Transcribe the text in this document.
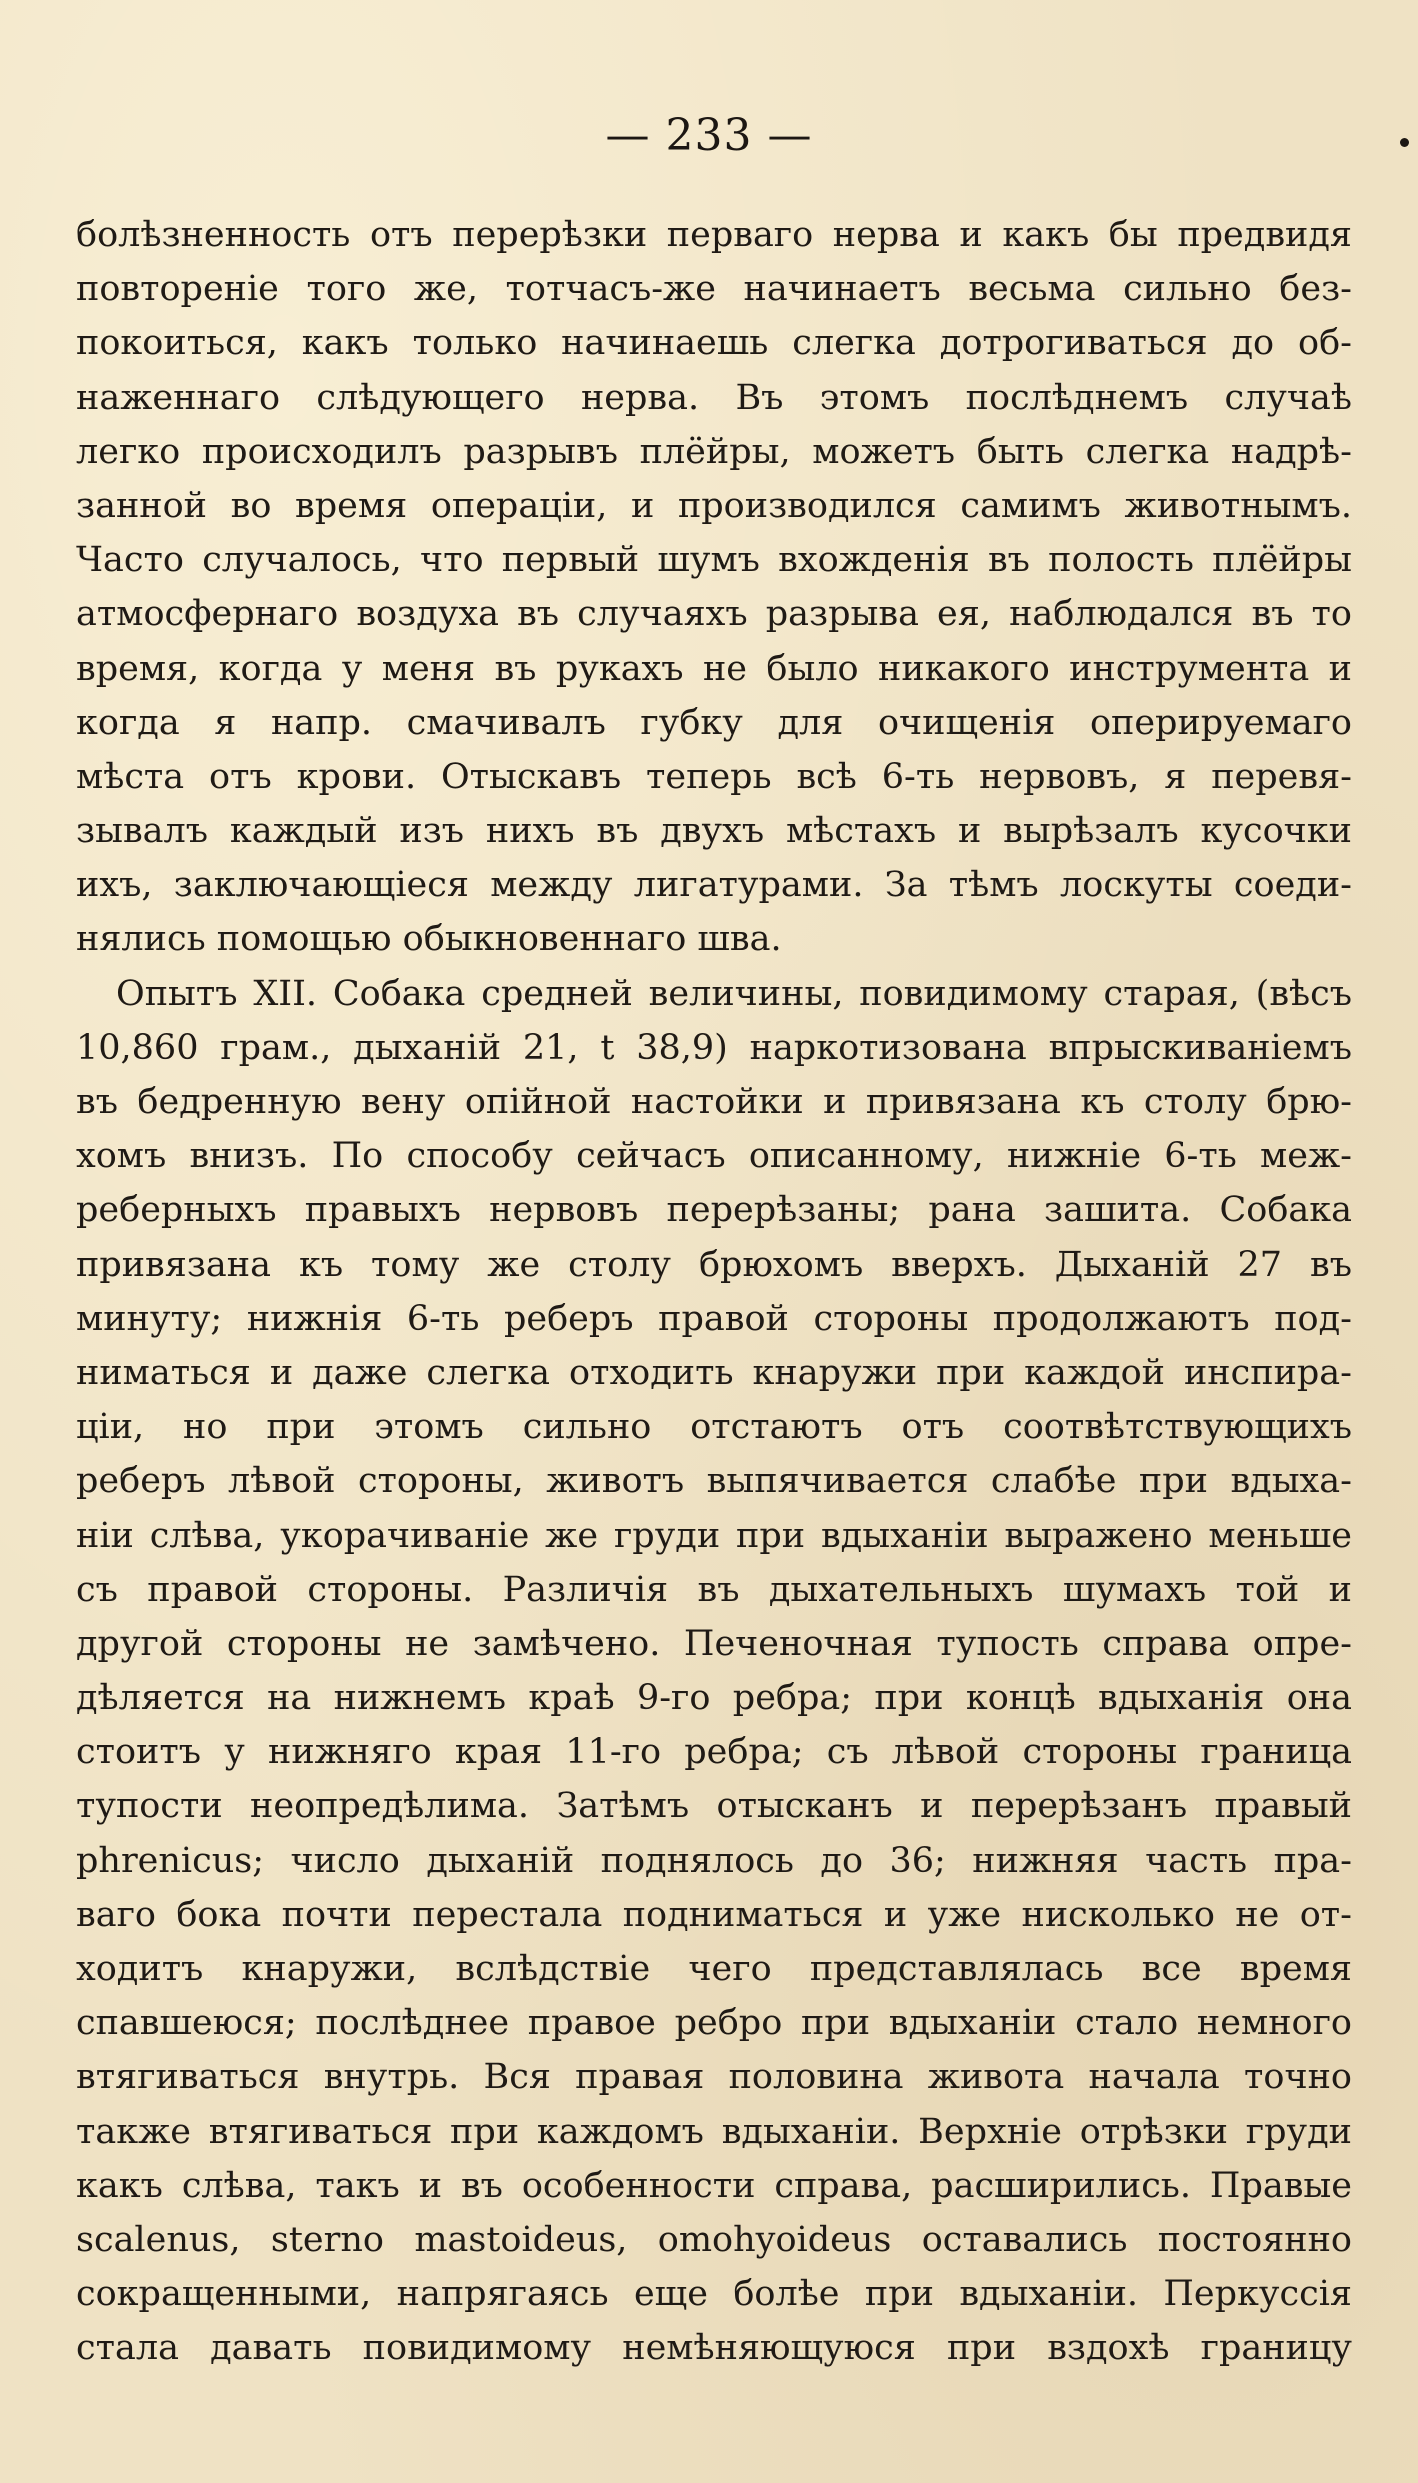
— 233 —
болѣзненность отъ перерѣзки перваго нерва и какъ бы предвидя
повтореніе того же, тотчасъ-же начинаетъ весьма сильно без-
покоиться, какъ только начинаешь слегка дотрогиваться до об-
наженнаго слѣдующего нерва. Въ этомъ послѣднемъ случаѣ
легко происходилъ разрывъ плёйры, можетъ быть слегка надрѣ-
занной во время операціи, и производился самимъ животнымъ.
Часто случалось, что первый шумъ вхожденія въ полость плёйры
атмосфернаго воздуха въ случаяхъ разрыва ея, наблюдался въ то
время, когда у меня въ рукахъ не было никакого инструмента и
когда я напр. смачивалъ губку для очищенія оперируемаго
мѣста отъ крови. Отыскавъ теперь всѣ 6-ть нервовъ, я перевя-
зывалъ каждый изъ нихъ въ двухъ мѣстахъ и вырѣзалъ кусочки
ихъ, заключающіеся между лигатурами. За тѣмъ лоскуты соеди-
нялись помощью обыкновеннаго шва.
Опытъ XII. Собака средней величины, повидимому старая, (вѣсъ
10,860 грам., дыханій 21, t 38,9) наркотизована впрыскиваніемъ
въ бедренную вену опійной настойки и привязана къ столу брю-
хомъ внизъ. По способу сейчасъ описанному, нижніе 6-ть меж-
реберныхъ правыхъ нервовъ перерѣзаны; рана зашита. Собака
привязана къ тому же столу брюхомъ вверхъ. Дыханій 27 въ
минуту; нижнія 6-ть реберъ правой стороны продолжаютъ под-
ниматься и даже слегка отходить кнаружи при каждой инспира-
ціи, но при этомъ сильно отстаютъ отъ соотвѣтствующихъ
реберъ лѣвой стороны, животъ выпячивается слабѣе при вдыха-
ніи слѣва, укорачиваніе же груди при вдыханіи выражено меньше
съ правой стороны. Различія въ дыхательныхъ шумахъ той и
другой стороны не замѣчено. Печеночная тупость справа опре-
дѣляется на нижнемъ краѣ 9-го ребра; при концѣ вдыханія она
стоитъ у нижняго края 11-го ребра; съ лѣвой стороны граница
тупости неопредѣлима. Затѣмъ отысканъ и перерѣзанъ правый
phrenicus; число дыханій поднялось до 36; нижняя часть пра-
ваго бока почти перестала подниматься и уже нисколько не от-
ходитъ кнаружи, вслѣдствіе чего представлялась все время
спавшеюся; послѣднее правое ребро при вдыханіи стало немного
втягиваться внутрь. Вся правая половина живота начала точно
также втягиваться при каждомъ вдыханіи. Верхніе отрѣзки груди
какъ слѣва, такъ и въ особенности справа, расширились. Правые
scalenus, sterno mastoideus, omohyoideus оставались постоянно
сокращенными, напрягаясь еще болѣе при вдыханіи. Перкуссія
стала давать повидимому немѣняющуюся при вздохѣ границу
